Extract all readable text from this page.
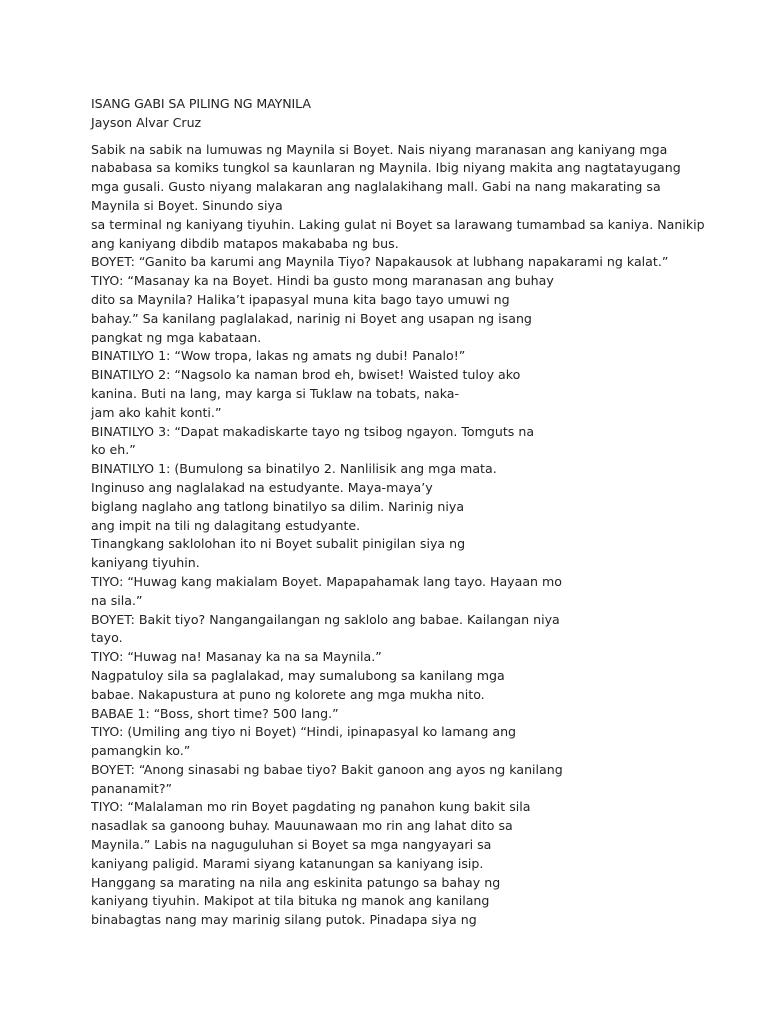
ISANG GABI SA PILING NG MAYNILA
Jayson Alvar Cruz
Sabik na sabik na lumuwas ng Maynila si Boyet. Nais niyang maranasan ang kaniyang mga
nababasa sa komiks tungkol sa kaunlaran ng Maynila. Ibig niyang makita ang nagtatayugang
mga gusali. Gusto niyang malakaran ang naglalakihang mall. Gabi na nang makarating sa
Maynila si Boyet. Sinundo siya
sa terminal ng kaniyang tiyuhin. Laking gulat ni Boyet sa larawang tumambad sa kaniya. Nanikip
ang kaniyang dibdib matapos makababa ng bus.
BOYET: “Ganito ba karumi ang Maynila Tiyo? Napakausok at lubhang napakarami ng kalat.”
TIYO: “Masanay ka na Boyet. Hindi ba gusto mong maranasan ang buhay
dito sa Maynila? Halika’t ipapasyal muna kita bago tayo umuwi ng
bahay.” Sa kanilang paglalakad, narinig ni Boyet ang usapan ng isang
pangkat ng mga kabataan.
BINATILYO 1: “Wow tropa, lakas ng amats ng dubi! Panalo!”
BINATILYO 2: “Nagsolo ka naman brod eh, bwiset! Waisted tuloy ako
kanina. Buti na lang, may karga si Tuklaw na tobats, naka-
jam ako kahit konti.”
BINATILYO 3: “Dapat makadiskarte tayo ng tsibog ngayon. Tomguts na
ko eh.”
BINATILYO 1: (Bumulong sa binatilyo 2. Nanlilisik ang mga mata.
Inginuso ang naglalakad na estudyante. Maya-maya’y
biglang naglaho ang tatlong binatilyo sa dilim. Narinig niya
ang impit na tili ng dalagitang estudyante.
Tinangkang saklolohan ito ni Boyet subalit pinigilan siya ng
kaniyang tiyuhin.
TIYO: “Huwag kang makialam Boyet. Mapapahamak lang tayo. Hayaan mo
na sila.”
BOYET: Bakit tiyo? Nangangailangan ng saklolo ang babae. Kailangan niya
tayo.
TIYO: “Huwag na! Masanay ka na sa Maynila.”
Nagpatuloy sila sa paglalakad, may sumalubong sa kanilang mga
babae. Nakapustura at puno ng kolorete ang mga mukha nito.
BABAE 1: “Boss, short time? 500 lang.”
TIYO: (Umiling ang tiyo ni Boyet) “Hindi, ipinapasyal ko lamang ang
pamangkin ko.”
BOYET: “Anong sinasabi ng babae tiyo? Bakit ganoon ang ayos ng kanilang
pananamit?”
TIYO: “Malalaman mo rin Boyet pagdating ng panahon kung bakit sila
nasadlak sa ganoong buhay. Mauunawaan mo rin ang lahat dito sa
Maynila.” Labis na naguguluhan si Boyet sa mga nangyayari sa
kaniyang paligid. Marami siyang katanungan sa kaniyang isip.
Hanggang sa marating na nila ang eskinita patungo sa bahay ng
kaniyang tiyuhin. Makipot at tila bituka ng manok ang kanilang
binabagtas nang may marinig silang putok. Pinadapa siya ng
